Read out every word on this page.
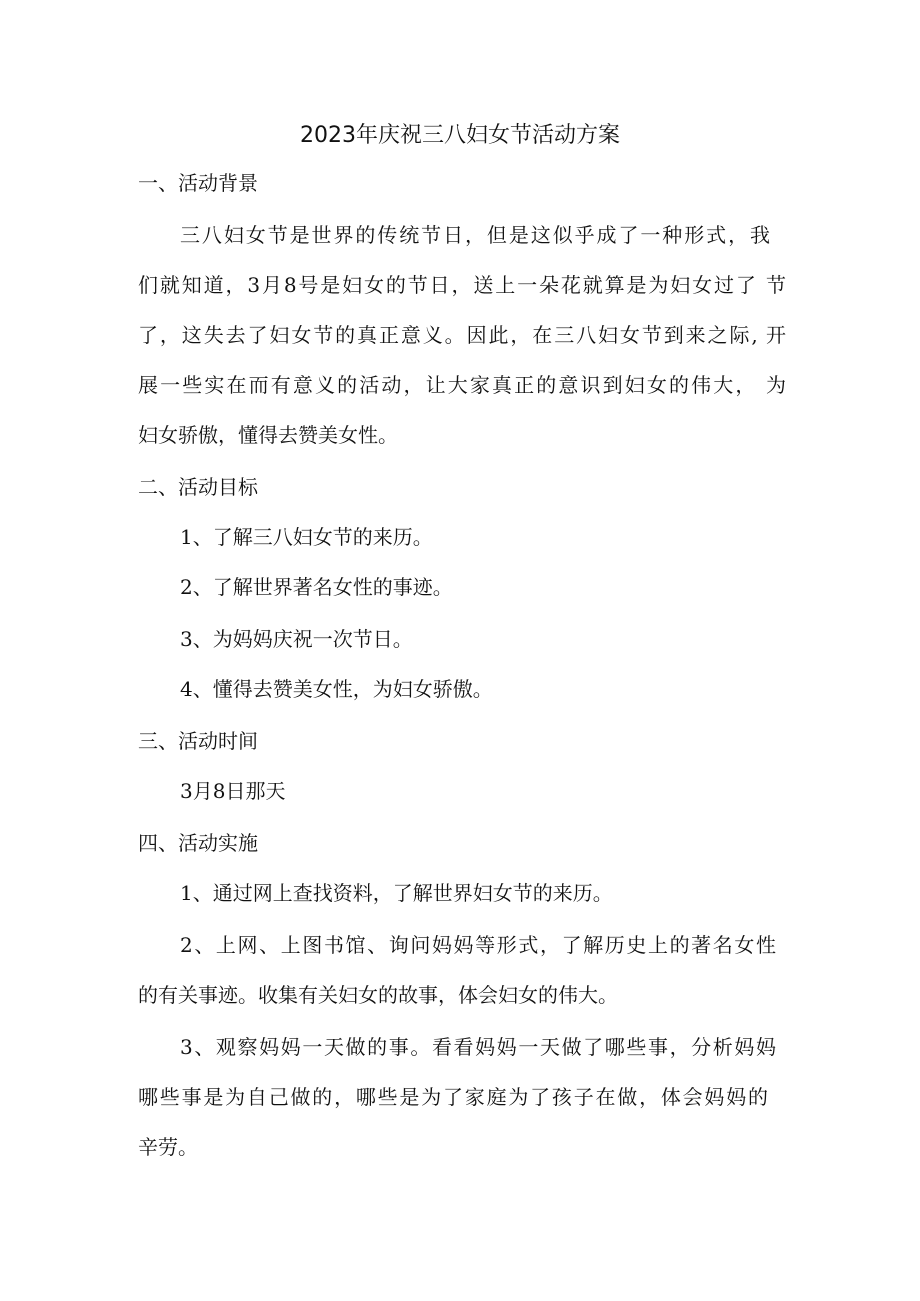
2023年庆祝三八妇女节活动方案
一、活动背景
三八妇女节是世界的传统节日，但是这似乎成了一种形式，我
们就知道，3月8号是妇女的节日，送上一朵花就算是为妇女过了 节
了，这失去了妇女节的真正意义。因此，在三八妇女节到来之际, 开
展一些实在而有意义的活动，让大家真正的意识到妇女的伟大， 为
妇女骄傲，懂得去赞美女性。
二、活动目标
1、了解三八妇女节的来历。
2、了解世界著名女性的事迹。
3、为妈妈庆祝一次节日。
4、懂得去赞美女性，为妇女骄傲。
三、活动时间
3月8日那天
四、活动实施
1、通过网上查找资料，了解世界妇女节的来历。
2、上网、上图书馆、询问妈妈等形式，了解历史上的著名女性
的有关事迹。收集有关妇女的故事，体会妇女的伟大。
3、观察妈妈一天做的事。看看妈妈一天做了哪些事，分析妈妈
哪些事是为自己做的，哪些是为了家庭为了孩子在做，体会妈妈的
辛劳。
